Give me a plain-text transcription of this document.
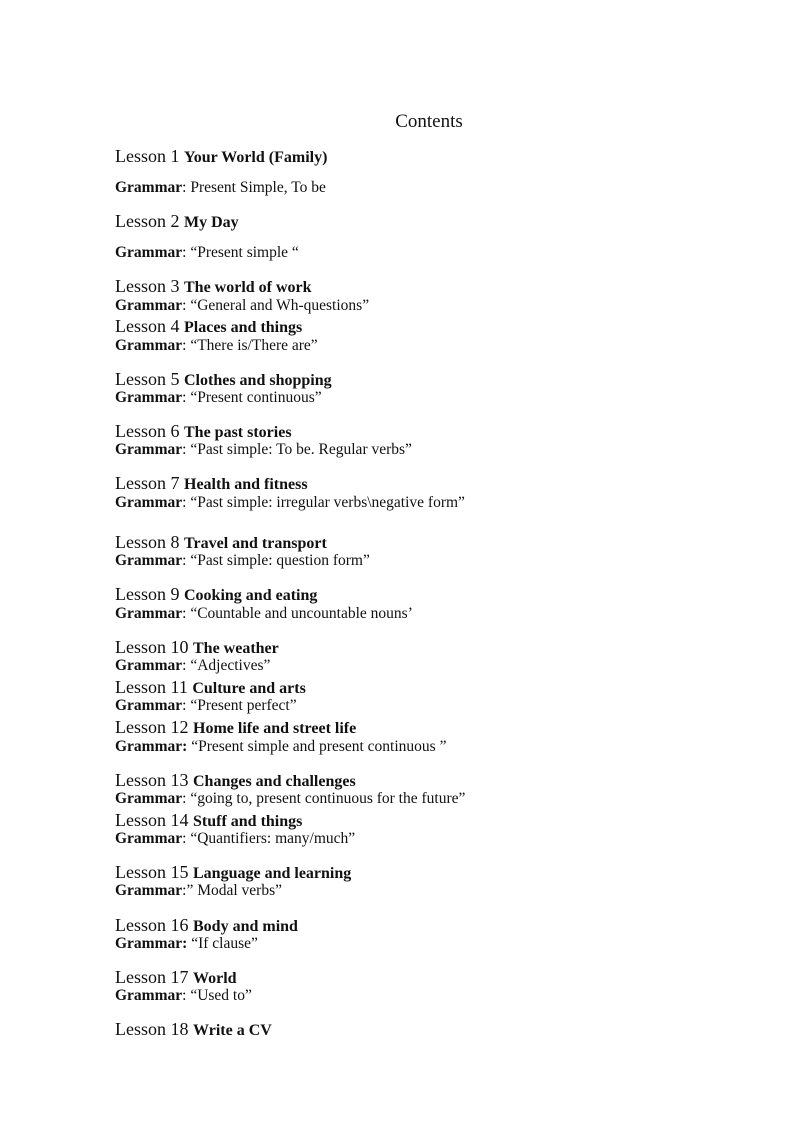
Contents
Lesson 1 Your World (Family)
Grammar: Present Simple, To be
Lesson 2 My Day
Grammar: “Present simple “
Lesson 3 The world of work
Grammar: “General and Wh-questions”
Lesson 4 Places and things
Grammar: “There is/There are”
Lesson 5 Clothes and shopping
Grammar: “Present continuous”
Lesson 6 The past stories
Grammar: “Past simple: To be. Regular verbs”
Lesson 7 Health and fitness
Grammar: “Past simple: irregular verbs\negative form”
Lesson 8 Travel and transport
Grammar: “Past simple: question form”
Lesson 9 Cooking and eating
Grammar: “Countable and uncountable nouns’
Lesson 10 The weather
Grammar: “Adjectives”
Lesson 11 Culture and arts
Grammar: “Present perfect”
Lesson 12 Home life and street life
Grammar: “Present simple and present continuous ”
Lesson 13 Changes and challenges
Grammar: “going to, present continuous for the future”
Lesson 14 Stuff and things
Grammar: “Quantifiers: many/much”
Lesson 15 Language and learning
Grammar:” Modal verbs”
Lesson 16 Body and mind
Grammar: “If clause”
Lesson 17 World
Grammar: “Used to”
Lesson 18 Write a CV
